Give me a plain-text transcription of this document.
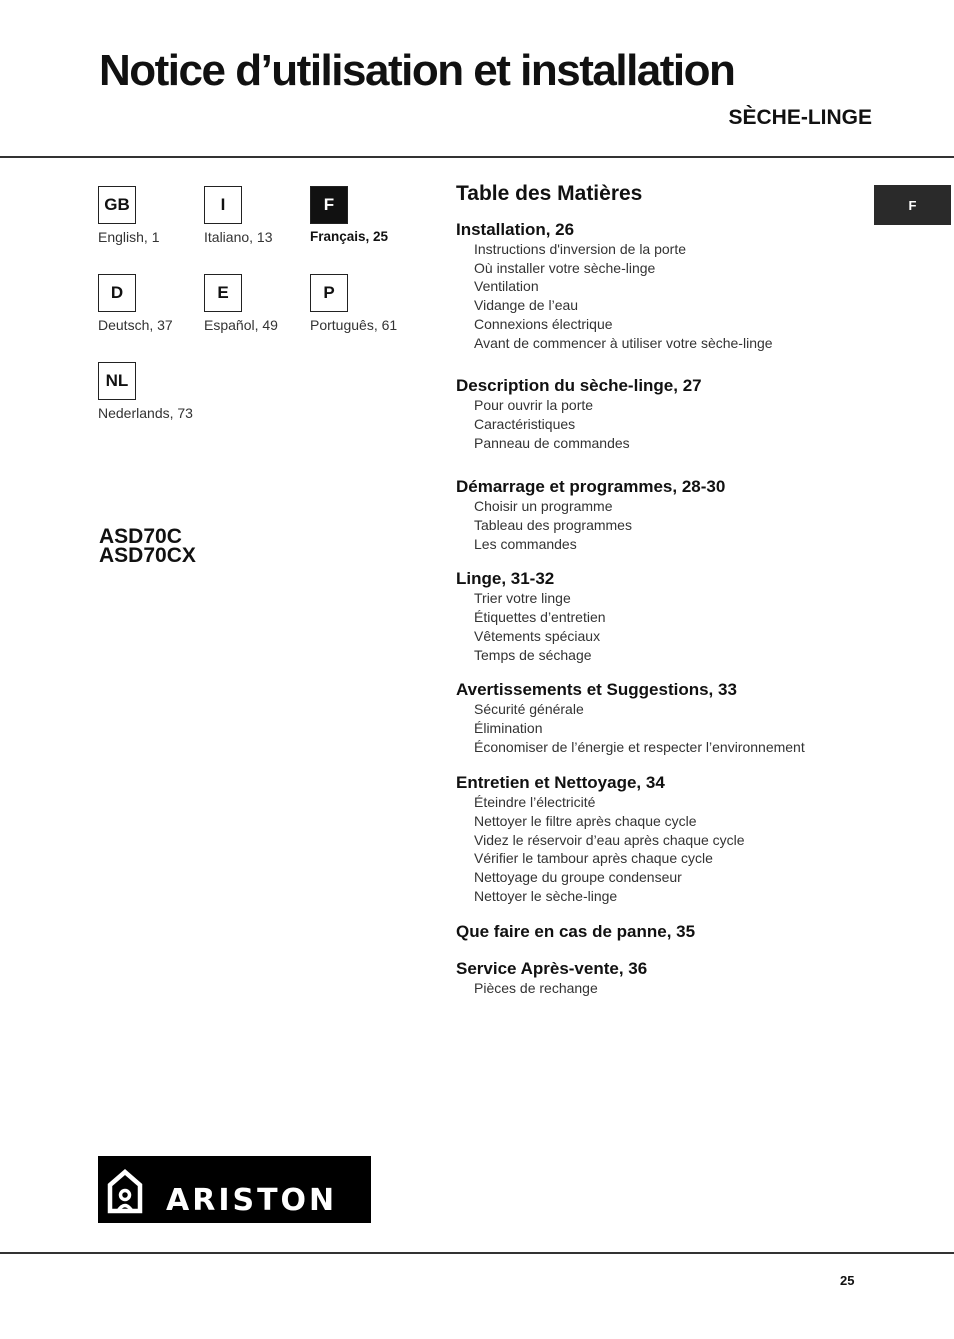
Notice d’utilisation et installation
SÈCHE-LINGE
GB
English, 1
I
Italiano, 13
F
Français, 25
D
Deutsch, 37
E
Español, 49
P
Português, 61
NL
Nederlands, 73
ASD70C
ASD70CX
Table des Matières
Installation, 26
Instructions d'inversion de la porte
Où installer votre sèche-linge
Ventilation
Vidange de l’eau
Connexions électrique
Avant de commencer à utiliser votre sèche-linge
Description du sèche-linge, 27
Pour ouvrir la porte
Caractéristiques
Panneau de commandes
Démarrage et programmes, 28-30
Choisir un programme
Tableau des programmes
Les commandes
Linge, 31-32
Trier votre linge
Étiquettes d’entretien
Vêtements spéciaux
Temps de séchage
Avertissements et Suggestions, 33
Sécurité générale
Élimination
Économiser de l’énergie et respecter l’environnement
Entretien et Nettoyage, 34
Éteindre l’électricité
Nettoyer le filtre après chaque cycle
Videz le réservoir d’eau après chaque cycle
Vérifier le tambour après chaque cycle
Nettoyage du groupe condenseur
Nettoyer le sèche-linge
Que faire en cas de panne, 35
Service Après-vente, 36
Pièces de rechange
F
ARISTON
25
